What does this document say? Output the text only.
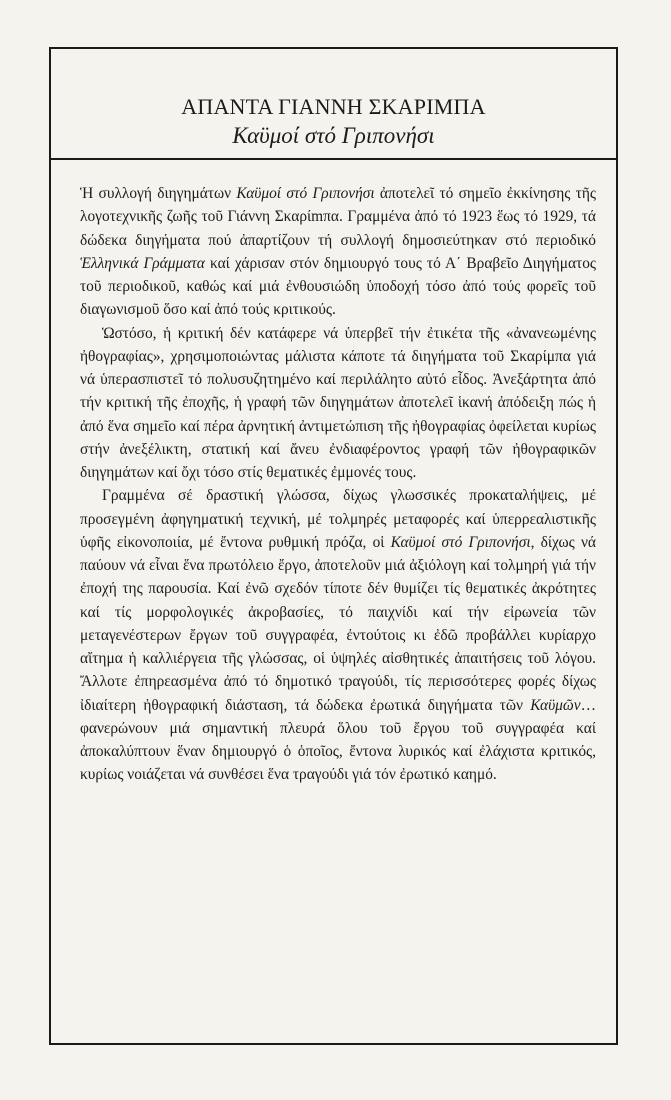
ΑΠΑΝΤΑ ΓΙΑΝΝΗ ΣΚΑΡΙΜΠΑ
Καϋμοί στό Γριπονήσι

Ἡ συλλογή διηγημάτων Καϋμοί στό Γριπονήσι ἀποτελεῖ τό σημεῖο ἐκκίνησης τῆς λογοτεχνικῆς ζωῆς τοῦ Γιάννη Σκαρίmπα. Γραμμένα ἀπό τό 1923 ἕως τό 1929, τά δώδεκα διηγήματα πού ἀπαρτίζουν τή συλλογή δημοσιεύτηκαν στό περιοδικό Ἑλληνικά Γράμματα καί χάρισαν στόν δημιουργό τους τό Α΄ Βραβεῖο Διηγήματος τοῦ περιοδικοῦ, καθώς καί μιά ἐνθουσιώδη ὑποδοχή τόσο ἀπό τούς φορεῖς τοῦ διαγωνισμοῦ ὅσο καί ἀπό τούς κριτικούς.

Ὡστόσο, ἡ κριτική δέν κατάφερε νά ὑπερβεῖ τήν ἐτικέτα τῆς «ἀνανεωμένης ἠθογραφίας», χρησιμοποιώντας μάλιστα κάποτε τά διηγήματα τοῦ Σκαρίμπα γιά νά ὑπερασπιστεῖ τό πολυσυζητημένο καί περιλάλητο αὐτό εἶδος. Ἀνεξάρτητα ἀπό τήν κριτική τῆς ἐποχῆς, ἡ γραφή τῶν διηγημάτων ἀποτελεῖ ἱκανή ἀπόδειξη πώς ἡ ἀπό ἕνα σημεῖο καί πέρα ἀρνητική ἀντιμετώπιση τῆς ἠθογραφίας ὀφείλεται κυρίως στήν ἀνεξέλικτη, στατική καί ἄνευ ἐνδιαφέροντος γραφή τῶν ἠθογραφικῶν διηγημάτων καί ὄχι τόσο στίς θεματικές ἐμμονές τους.

Γραμμένα σέ δραστική γλώσσα, δίχως γλωσσικές προκαταλήψεις, μέ προσεγμένη ἀφηγηματική τεχνική, μέ τολμηρές μεταφορές καί ὑπερρεαλιστικῆς ὑφῆς εἰκονοποιία, μέ ἔντονα ρυθμική πρόζα, οἱ Καϋμοί στό Γριπονήσι, δίχως νά παύουν νά εἶναι ἕνα πρωτόλειο ἔργο, ἀποτελοῦν μιά ἀξιόλογη καί τολμηρή γιά τήν ἐποχή της παρουσία. Καί ἐνῶ σχεδόν τίποτε δέν θυμίζει τίς θεματικές ἀκρότητες καί τίς μορφολογικές ἀκροβασίες, τό παιχνίδι καί τήν εἰρωνεία τῶν μεταγενέστερων ἔργων τοῦ συγγραφέα, ἐντούτοις κι ἐδῶ προβάλλει κυρίαρχο αἴτημα ἡ καλλιέργεια τῆς γλώσσας, οἱ ὑψηλές αἰσθητικές ἀπαιτήσεις τοῦ λόγου. Ἄλλοτε ἐπηρεασμένα ἀπό τό δημοτικό τραγούδι, τίς περισσότερες φορές δίχως ἰδιαίτερη ἠθογραφική διάσταση, τά δώδεκα ἐρωτικά διηγήματα τῶν Καϋμῶν… φανερώνουν μιά σημαντική πλευρά ὅλου τοῦ ἔργου τοῦ συγγραφέα καί ἀποκαλύπτουν ἕναν δημιουργό ὁ ὁποῖος, ἔντονα λυρικός καί ἐλάχιστα κριτικός, κυρίως νοιάζεται νά συνθέσει ἕνα τραγούδι γιά τόν ἐρωτικό καημό.
